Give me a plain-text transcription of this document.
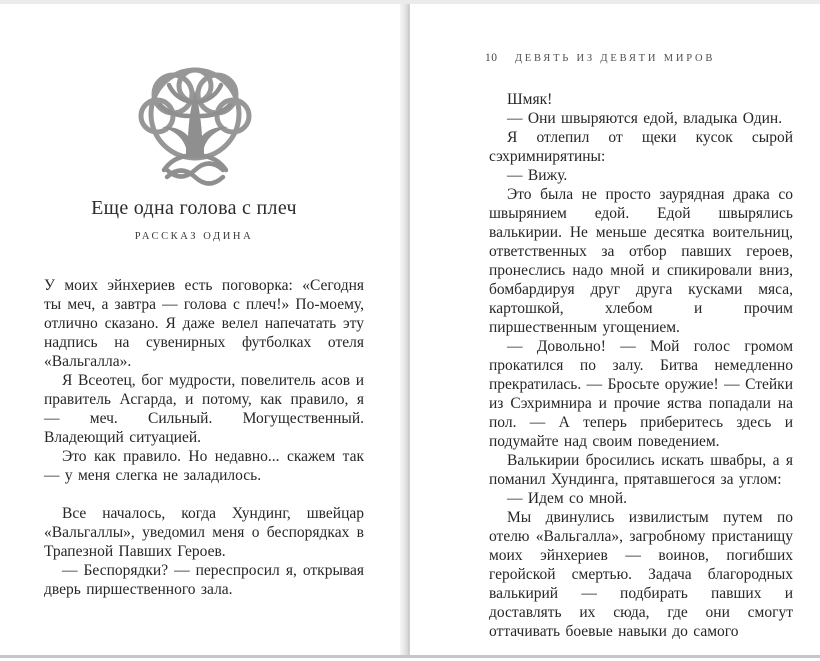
Еще одна голова с плеч
РАССКАЗ ОДИНА

У моих эйнхериев есть поговорка: «Сегодня ты меч, а завтра — голова с плеч!» По-моему, отлично сказано. Я даже велел напечатать эту надпись на сувенирных футболках отеля «Вальгалла».

Я Всеотец, бог мудрости, повелитель асов и правитель Асгарда, и потому, как правило, я — меч. Сильный. Могущественный. Владеющий ситуацией.

Это как правило. Но недавно... скажем так — у меня слегка не заладилось.

Все началось, когда Хундинг, швейцар «Вальгаллы», уведомил меня о беспорядках в Трапезной Павших Героев.

— Беспорядки? — переспросил я, открывая дверь пиршественного зала.

10	ДЕВЯТЬ ИЗ ДЕВЯТИ МИРОВ

Шмяк!

— Они швыряются едой, владыка Один.

Я отлепил от щеки кусок сырой сэхримнирятины:

— Вижу.

Это была не просто заурядная драка со швырянием едой. Едой швырялись валькирии. Не меньше десятка воительниц, ответственных за отбор павших героев, пронеслись надо мной и спикировали вниз, бомбардируя друг друга кусками мяса, картошкой, хлебом и прочим пиршественным угощением.

— Довольно! — Мой голос громом прокатился по залу. Битва немедленно прекратилась. — Бросьте оружие! — Стейки из Сэхримнира и прочие яства попадали на пол. — А теперь приберитесь здесь и подумайте над своим поведением.

Валькирии бросились искать швабры, а я поманил Хундинга, прятавшегося за углом:

— Идем со мной.

Мы двинулись извилистым путем по отелю «Вальгалла», загробному пристанищу моих эйнхериев — воинов, погибших геройской смертью. Задача благородных валькирий — подбирать павших и доставлять их сюда, где они смогут оттачивать боевые навыки до самого
